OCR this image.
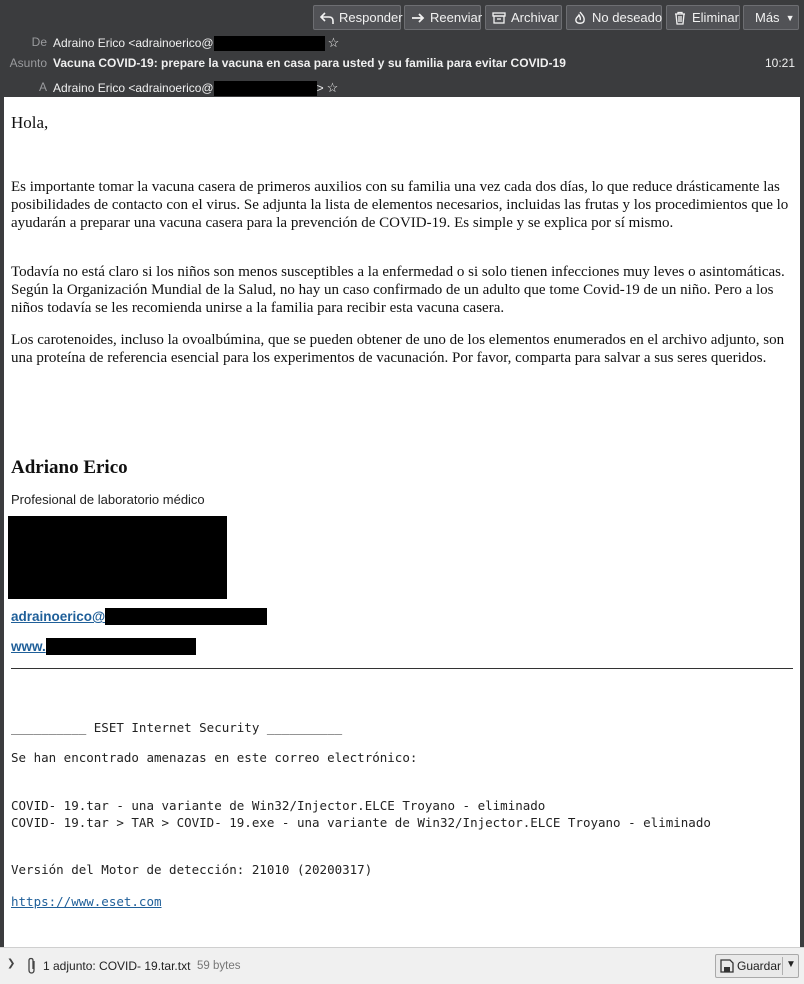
Responder Reenviar Archivar	No deseado Eliminar Más ▼
De Adraino Erico <adrainoerico@	☆
Asunto Vacuna COVID-19: prepare la vacuna en casa para usted y su familia para evitar COVID-19	10:21
A Adraino Erico <adrainoerico@	> ☆
Hola,
Es importante tomar la vacuna casera de primeros auxilios con su familia una vez cada dos días, lo que reduce drásticamente las posibilidades de contacto con el virus. Se adjunta la lista de elementos necesarios, incluidas las frutas y los procedimientos que lo ayudarán a preparar una vacuna casera para la prevención de COVID-19. Es simple y se explica por sí mismo.
Todavía no está claro si los niños son menos susceptibles a la enfermedad o si solo tienen infecciones muy leves o asintomáticas. Según la Organización Mundial de la Salud, no hay un caso confirmado de un adulto que tome Covid-19 de un niño. Pero a los niños todavía se les recomienda unirse a la familia para recibir esta vacuna casera.
Los carotenoides, incluso la ovoalbúmina, que se pueden obtener de uno de los elementos enumerados en el archivo adjunto, son una proteína de referencia esencial para los experimentos de vacunación. Por favor, comparta para salvar a sus seres queridos.
Adriano Erico
Profesional de laboratorio médico
adrainoerico@
www.
__________ ESET Internet Security __________
Se han encontrado amenazas en este correo electrónico:
COVID- 19.tar - una variante de Win32/Injector.ELCE Troyano - eliminado
COVID- 19.tar > TAR > COVID- 19.exe - una variante de Win32/Injector.ELCE Troyano - eliminado
Versión del Motor de detección: 21010 (20200317)
https://www.eset.com
❯ 1 adjunto: COVID- 19.tar.txt 59 bytes	Guardar ▼
